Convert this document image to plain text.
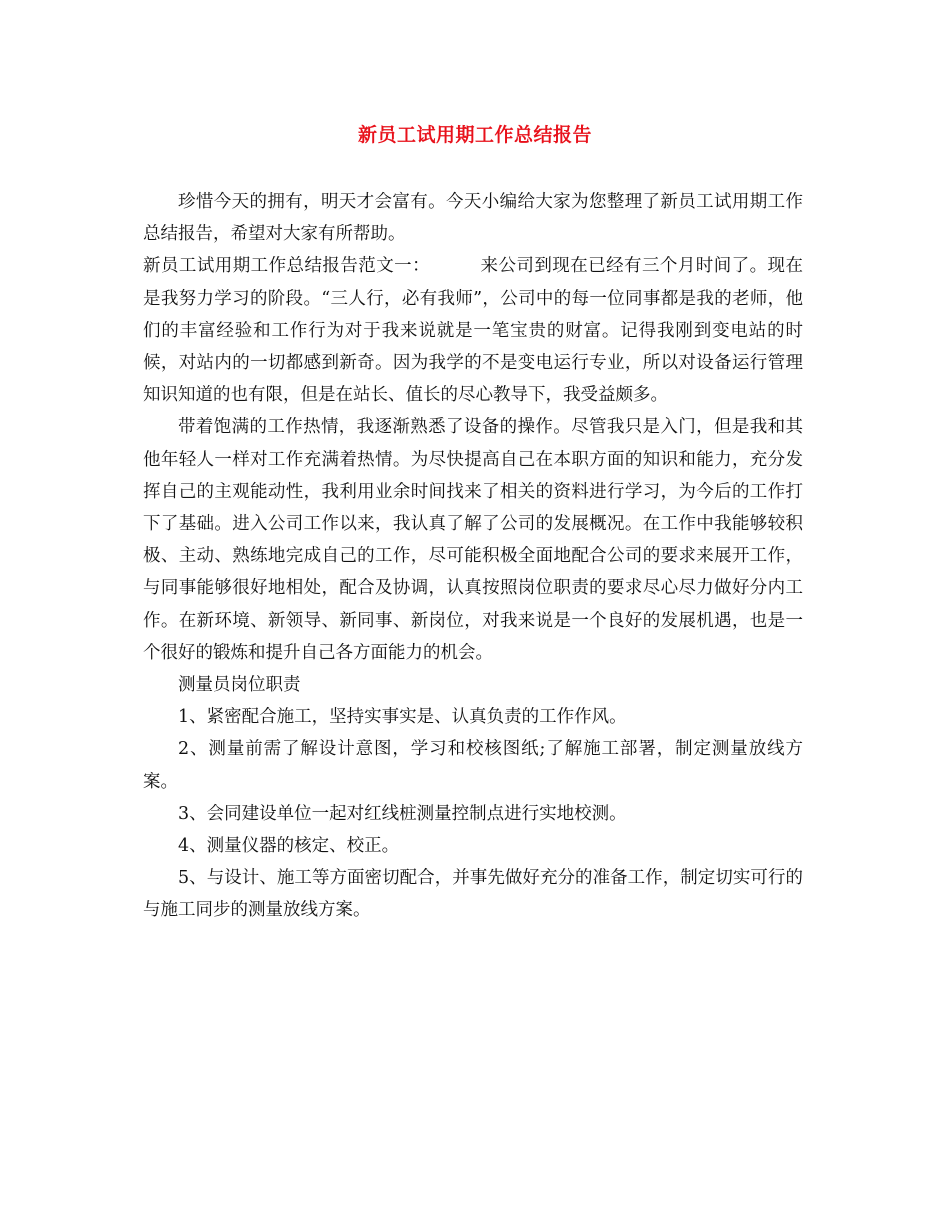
新员工试用期工作总结报告

珍惜今天的拥有，明天才会富有。今天小编给大家为您整理了新员工试用期工作总结报告，希望对大家有所帮助。

新员工试用期工作总结报告范文一：	来公司到现在已经有三个月时间了。现在是我努力学习的阶段。“三人行，必有我师”，公司中的每一位同事都是我的老师，他们的丰富经验和工作行为对于我来说就是一笔宝贵的财富。记得我刚到变电站的时候，对站内的一切都感到新奇。因为我学的不是变电运行专业，所以对设备运行管理知识知道的也有限，但是在站长、值长的尽心教导下，我受益颇多。

带着饱满的工作热情，我逐渐熟悉了设备的操作。尽管我只是入门，但是我和其他年轻人一样对工作充满着热情。为尽快提高自己在本职方面的知识和能力，充分发挥自己的主观能动性，我利用业余时间找来了相关的资料进行学习，为今后的工作打下了基础。进入公司工作以来，我认真了解了公司的发展概况。在工作中我能够较积极、主动、熟练地完成自己的工作，尽可能积极全面地配合公司的要求来展开工作，与同事能够很好地相处，配合及协调，认真按照岗位职责的要求尽心尽力做好分内工作。在新环境、新领导、新同事、新岗位，对我来说是一个良好的发展机遇，也是一个很好的锻炼和提升自己各方面能力的机会。

测量员岗位职责

1、紧密配合施工，坚持实事实是、认真负责的工作作风。

2、测量前需了解设计意图，学习和校核图纸;了解施工部署，制定测量放线方案。

3、会同建设单位一起对红线桩测量控制点进行实地校测。

4、测量仪器的核定、校正。

5、与设计、施工等方面密切配合，并事先做好充分的准备工作，制定切实可行的与施工同步的测量放线方案。
